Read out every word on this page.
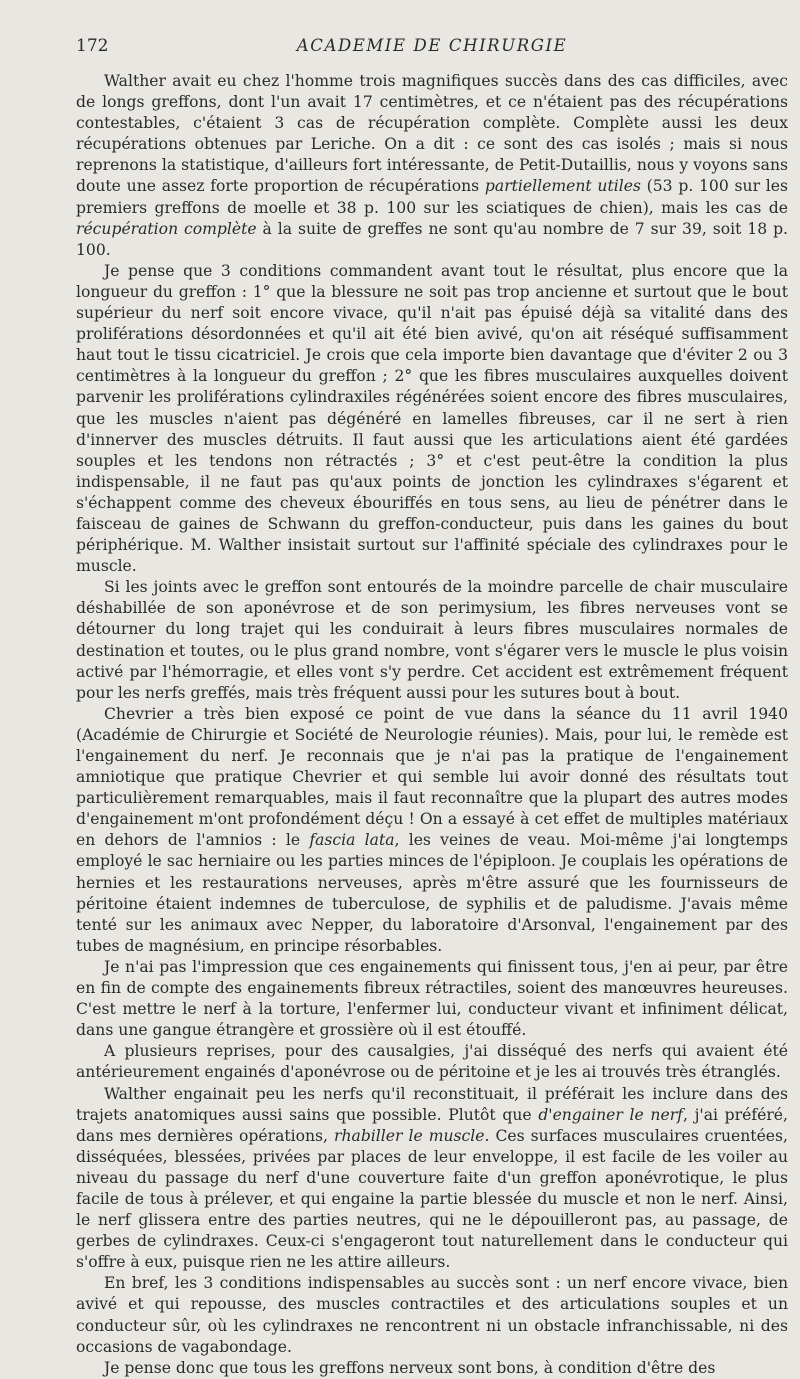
172	ACADEMIE DE CHIRURGIE

Walther avait eu chez l'homme trois magnifiques succès dans des cas difficiles, avec de longs greffons, dont l'un avait 17 centimètres, et ce n'étaient pas des récupérations contestables, c'étaient 3 cas de récupération complète. Complète aussi les deux récupérations obtenues par Leriche. On a dit : ce sont des cas isolés ; mais si nous reprenons la statistique, d'ailleurs fort intéressante, de Petit-Dutaillis, nous y voyons sans doute une assez forte proportion de récupérations partiellement utiles (53 p. 100 sur les premiers greffons de moelle et 38 p. 100 sur les sciatiques de chien), mais les cas de récupération complète à la suite de greffes ne sont qu'au nombre de 7 sur 39, soit 18 p. 100.

Je pense que 3 conditions commandent avant tout le résultat, plus encore que la longueur du greffon : 1° que la blessure ne soit pas trop ancienne et surtout que le bout supérieur du nerf soit encore vivace, qu'il n'ait pas épuisé déjà sa vitalité dans des proliférations désordonnées et qu'il ait été bien avivé, qu'on ait réséqué suffisamment haut tout le tissu cicatriciel. Je crois que cela importe bien davantage que d'éviter 2 ou 3 centimètres à la longueur du greffon ; 2° que les fibres musculaires auxquelles doivent parvenir les proliférations cylindraxiles régénérées soient encore des fibres musculaires, que les muscles n'aient pas dégénéré en lamelles fibreuses, car il ne sert à rien d'innerver des muscles détruits. Il faut aussi que les articulations aient été gardées souples et les tendons non rétractés ; 3° et c'est peut-être la condition la plus indispensable, il ne faut pas qu'aux points de jonction les cylindraxes s'égarent et s'échappent comme des cheveux ébouriffés en tous sens, au lieu de pénétrer dans le faisceau de gaines de Schwann du greffon-conducteur, puis dans les gaines du bout périphérique. M. Walther insistait surtout sur l'affinité spéciale des cylindraxes pour le muscle.

Si les joints avec le greffon sont entourés de la moindre parcelle de chair musculaire déshabillée de son aponévrose et de son perimysium, les fibres nerveuses vont se détourner du long trajet qui les conduirait à leurs fibres musculaires normales de destination et toutes, ou le plus grand nombre, vont s'égarer vers le muscle le plus voisin activé par l'hémorragie, et elles vont s'y perdre. Cet accident est extrêmement fréquent pour les nerfs greffés, mais très fréquent aussi pour les sutures bout à bout.

Chevrier a très bien exposé ce point de vue dans la séance du 11 avril 1940 (Académie de Chirurgie et Société de Neurologie réunies). Mais, pour lui, le remède est l'engainement du nerf. Je reconnais que je n'ai pas la pratique de l'engainement amniotique que pratique Chevrier et qui semble lui avoir donné des résultats tout particulièrement remarquables, mais il faut reconnaître que la plupart des autres modes d'engainement m'ont profondément déçu ! On a essayé à cet effet de multiples matériaux en dehors de l'amnios : le fascia lata, les veines de veau. Moi-même j'ai longtemps employé le sac herniaire ou les parties minces de l'épiploon. Je couplais les opérations de hernies et les restaurations nerveuses, après m'être assuré que les fournisseurs de péritoine étaient indemnes de tuberculose, de syphilis et de paludisme. J'avais même tenté sur les animaux avec Nepper, du laboratoire d'Arsonval, l'engainement par des tubes de magnésium, en principe résorbables.

Je n'ai pas l'impression que ces engainements qui finissent tous, j'en ai peur, par être en fin de compte des engainements fibreux rétractiles, soient des manœuvres heureuses. C'est mettre le nerf à la torture, l'enfermer lui, conducteur vivant et infiniment délicat, dans une gangue étrangère et grossière où il est étouffé.

A plusieurs reprises, pour des causalgies, j'ai disséqué des nerfs qui avaient été antérieurement engainés d'aponévrose ou de péritoine et je les ai trouvés très étranglés.

Walther engainait peu les nerfs qu'il reconstituait, il préférait les inclure dans des trajets anatomiques aussi sains que possible. Plutôt que d'engainer le nerf, j'ai préféré, dans mes dernières opérations, rhabiller le muscle. Ces surfaces musculaires cruentées, disséquées, blessées, privées par places de leur enveloppe, il est facile de les voiler au niveau du passage du nerf d'une couverture faite d'un greffon aponévrotique, le plus facile de tous à prélever, et qui engaine la partie blessée du muscle et non le nerf. Ainsi, le nerf glissera entre des parties neutres, qui ne le dépouilleront pas, au passage, de gerbes de cylindraxes. Ceux-ci s'engageront tout naturellement dans le conducteur qui s'offre à eux, puisque rien ne les attire ailleurs.

En bref, les 3 conditions indispensables au succès sont : un nerf encore vivace, bien avivé et qui repousse, des muscles contractiles et des articulations souples et un conducteur sûr, où les cylindraxes ne rencontrent ni un obstacle infranchissable, ni des occasions de vagabondage.

Je pense donc que tous les greffons nerveux sont bons, à condition d'être des
